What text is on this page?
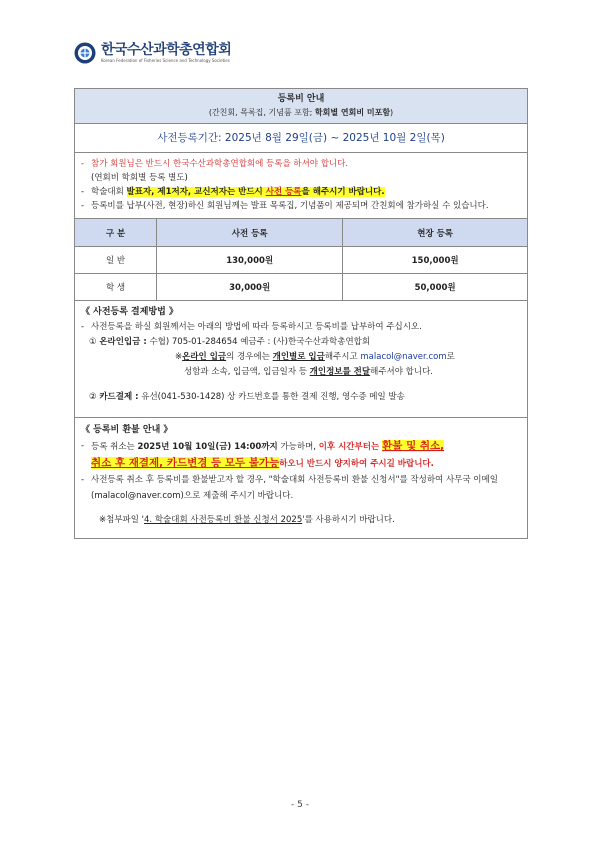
한국수산과학총연합회
Korean Federation of Fisheries Science and Technology Societies
등록비 안내
(간친회, 목록집, 기념품 포함; 학회별 연회비 미포함)
사전등록기간: 2025년 8월 29일(금) ~ 2025년 10월 2일(목)
- 참가 회원님은 반드시 한국수산과학총연합회에 등록을 하셔야 합니다.
(연회비 학회별 등록 별도)
- 학술대회 발표자, 제1저자, 교신저자는 반드시 사전 등록을 해주시기 바랍니다.
- 등록비를 납부(사전, 현장)하신 회원님께는 발표 목록집, 기념품이 제공되며 간친회에 참가하실 수 있습니다.
구 분	사전 등록	현장 등록
일 반	130,000원	150,000원
학 생	30,000원	50,000원
《 사전등록 결제방법 》
- 사전등록을 하실 회원께서는 아래의 방법에 따라 등록하시고 등록비를 납부하여 주십시오.
① 온라인입금 : 수협) 705-01-284654 예금주 : (사)한국수산과학총연합회
※온라인 입금의 경우에는 개인별로 입금해주시고 malacol@naver.com로
성함과 소속, 입금액, 입금일자 등 개인정보를 전달해주셔야 합니다.
② 카드결제 : 유선(041-530-1428) 상 카드번호를 통한 결제 진행, 영수증 메일 발송
《 등록비 환불 안내 》
- 등록 취소는 2025년 10월 10일(금) 14:00까지 가능하며, 이후 시간부터는 환불 및 취소,
취소 후 재결제, 카드변경 등 모두 불가능하오니 반드시 양지하여 주시길 바랍니다.
- 사전등록 취소 후 등록비를 환불받고자 할 경우, "학술대회 사전등록비 환불 신청서"를 작성하여 사무국 이메일(malacol@naver.com)으로 제출해 주시기 바랍니다.
※첨부파일 '4. 학술대회 사전등록비 환불 신청서 2025'를 사용하시기 바랍니다.
- 5 -
